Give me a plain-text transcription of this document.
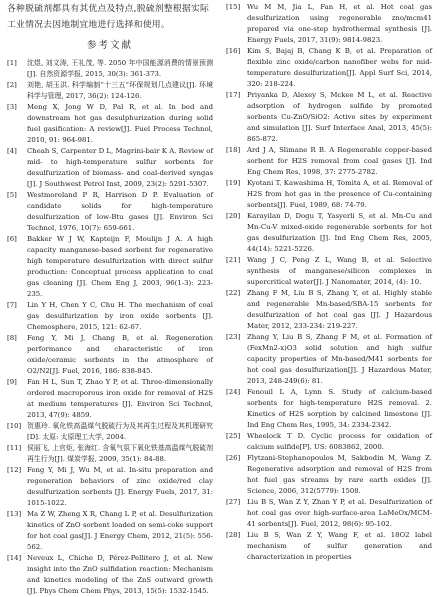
各种脱硫剂都具有其优点及特点,脱硫剂整根据实际工业情况去因地制宜地进行选择和使用。

参考文献
[1]	沈煜, 刘文涛, 王礼茂, 等. 2050 年中国能源消费的情景预测[J]. 自然资源学报, 2015, 30(3): 361-373.
[2]	刘艳, 胡玉洪. 科学编制“十三五”环保规划几点建议[J]. 环境科学与管理, 2017, 36(2): 124-126.
[3]	Meng X, Jong W D, Pal R, et al. In bed and downstream hot gas desulphurization during solid fuel gasification: A review[J]. Fuel Process Technol, 2010, 91: 964-981.
[4]	Cheah S, Carpenter D L, Magrini-bair K A. Review of mid- to high-temperature sulfur sorbents for desulfurization of biomass- and coal-derived syngas [J]. J Southwest Petrol Inst, 2009, 23(2): 5291-5307.
[5]	Westmoreland P R, Harrison D P. Evaluation of candidate solids for high-temperature desulfurization of low-Btu gases [J]. Environ Sci Technol, 1976, 10(7): 659-661.
[6]	Bakker W J W, Kapteijn F, Moulijn J A. A high capacity manganese-based sorbent for regenerative high temperature desulfurization with direct sulfur production: Conceptual process application to coal gas cleaning [J]. Chem Eng J, 2003, 96(1-3): 223-235.
[7]	Lin Y H, Chen Y C, Chu H. The mechanism of coal gas desulfurization by iron oxide sorbents [J]. Chemosphere, 2015, 121: 62-67.
[8]	Feng Y, Mi J, Chang B, et al. Regeneration performance and characteristic of iron oxide/ceramic sorbents in the atmosphere of O2/N2[J]. Fuel, 2016, 186: 838-845.
[9]	Fan H L, Sun T, Zhao Y P, et al. Three-dimensionally ordered macroporous iron oxide for removal of H2S at medium temperatures [J]. Environ Sci Technol, 2013, 47(9): 4859.
[10] 贺惠玲. 氧化铁高温煤气脱硫行为及其再生过程及其机理研究[D]. 太原: 太原理工大学, 2004.
[11] 侯丽飞, 上官炬, 张海红. 含氧气氛下氧化铁基高温煤气脱硫剂再生行为[J]. 煤炭学报, 2009, 35(1): 84-88.
[12] Feng Y, Mi J, Wu M, et al. In-situ preparation and regeneration behaviors of zinc oxide/red clay desulfurization sorbents [J]. Energy Fuels, 2017, 31: 1015-1022.
[13] Ma Z W, Zheng X R, Chang L P, et al. Desulfurization kinetics of ZnO sorbent loaded on semi-coke support for hot coal gas[J]. J Energy Chem, 2012, 21(5): 556-562.
[14] Neveux L, Chiche D, Pérez-Pellitero J, et al. New insight into the ZnO sulfidation reaction: Mechanism and kinetics modeling of the ZnS outward growth [J]. Phys Chem Chem Phys, 2013, 15(5): 1532-1545.
[15] Wu M M, Jia L, Fan H, et al. Hot coal gas desulfurization using regenerable zno/mcm41 prepared via one-step hydrothermal synthesis [J]. Energy Fuels, 2017, 31(9): 9814-9823.
[16] Kim S, Bajaj B, Chang K B, et al. Preparation of flexible zinc oxide/carbon nanofiber webs for mid-temperature desulfurization[J]. Appl Surf Sci, 2014, 320: 218-224.
[17] Priyanka D, Alexey S, Mckee M L, et al. Reactive adsorption of hydrogen sulfide by promoted sorbents Cu-ZnO/SiO2: Active sites by experiment and simulation [J]. Surf Interface Anal, 2013, 45(5): 865-872.
[18] Ard J A, Slimane R B. A Regenerable copper-based sorbent for H2S removal from coal gases [J]. Ind Eng Chem Res, 1998, 37: 2775-2782.
[19] Kyotani T, Kawashima H, Tomita A, et al. Removal of H2S from hot gas in the presence of Cu-containing sorbents[J]. Fuel, 1989, 68: 74-79.
[20] Karayilan D, Dogu T, Yasyerli S, et al. Mn-Cu and Mn-Cu-V mixed-oxide regenerable sorbents for hot gas desulfurization [J]. Ind Eng Chem Res, 2005, 44(14): 5221-5226.
[21] Wang J C, Peng Z L, Wang B, et al. Selective synthesis of manganese/silicon complexes in supercritical water[J]. J Nanomater, 2014, (4): 10.
[22] Zhang F M, Liu B S, Zhang Y, et al. Highly stable and regenerable Mn-based/SBA-15 sorbents for desulfurization of hot coal gas [J]. J Hazardous Mater, 2012, 233-234: 219-227.
[23] Zhang Y, Liu B S, Zhang F M, et al. Formation of (FexMn2-x)O3 solid solution and high sulfur capacity properties of Mn-based/M41 sorbents for hot coal gas desulfurization[J]. J Hazardous Mater, 2013, 248-249(6): 81.
[24] Fenouil L A, Lynn S. Study of calcium-based sorbents for high-temperature H2S removal. 2. Kinetics of H2S sorption by calcined limestone [J]. Ind Eng Chem Res, 1995, 34: 2334-2342.
[25] Wheelock T D. Cyclic process for oxidation of calcium sulfide[P]. US: 6083862, 2000.
[26] Flytzani-Stephanopoulos M, Sakbodin M, Wang Z. Regenerative adsorption and removal of H2S from hot fuel gas streams by rare earth oxides [J]. Science, 2006, 312(5779): 1508.
[27] Liu B S, Wan Z Y, Zhan Y P, et al. Desulfurization of hot coal gas over high-surface-area LaMeOx/MCM-41 sorbents[J]. Fuel, 2012, 98(6): 95-102.
[28] Liu B S, Wan Z Y, Wang F, et al. 18O2 label mechanism of sulfur generation and characterization in properties
